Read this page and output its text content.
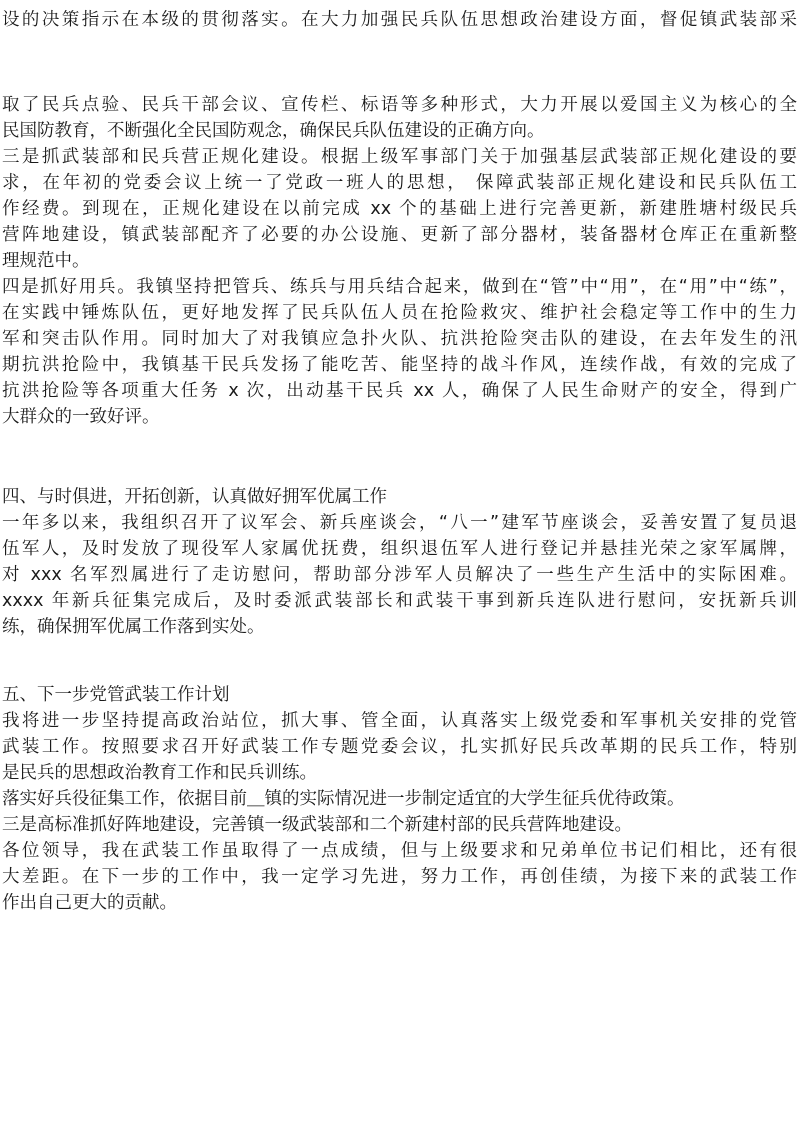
设的决策指示在本级的贯彻落实。在大力加强民兵队伍思想政治建设方面，督促镇武装部采
取了民兵点验、民兵干部会议、宣传栏、标语等多种形式，大力开展以爱国主义为核心的全
民国防教育，不断强化全民国防观念，确保民兵队伍建设的正确方向。
三是抓武装部和民兵营正规化建设。根据上级军事部门关于加强基层武装部正规化建设的要
求，在年初的党委会议上统一了党政一班人的思想， 保障武装部正规化建设和民兵队伍工
作经费。到现在，正规化建设在以前完成 xx 个的基础上进行完善更新，新建胜塘村级民兵
营阵地建设，镇武装部配齐了必要的办公设施、更新了部分器材，装备器材仓库正在重新整
理规范中。
四是抓好用兵。我镇坚持把管兵、练兵与用兵结合起来，做到在“管”中“用”，在“用”中“练”，
在实践中锤炼队伍，更好地发挥了民兵队伍人员在抢险救灾、维护社会稳定等工作中的生力
军和突击队作用。同时加大了对我镇应急扑火队、抗洪抢险突击队的建设，在去年发生的汛
期抗洪抢险中，我镇基干民兵发扬了能吃苦、能坚持的战斗作风，连续作战，有效的完成了
抗洪抢险等各项重大任务 x 次，出动基干民兵 xx 人，确保了人民生命财产的安全，得到广
大群众的一致好评。
四、与时俱进，开拓创新，认真做好拥军优属工作
一年多以来，我组织召开了议军会、新兵座谈会，“八一”建军节座谈会，妥善安置了复员退
伍军人，及时发放了现役军人家属优抚费，组织退伍军人进行登记并悬挂光荣之家军属牌，
对 xxx 名军烈属进行了走访慰问，帮助部分涉军人员解决了一些生产生活中的实际困难。
xxxx 年新兵征集完成后，及时委派武装部长和武装干事到新兵连队进行慰问，安抚新兵训
练，确保拥军优属工作落到实处。
五、下一步党管武装工作计划
我将进一步坚持提高政治站位，抓大事、管全面，认真落实上级党委和军事机关安排的党管
武装工作。按照要求召开好武装工作专题党委会议，扎实抓好民兵改革期的民兵工作，特别
是民兵的思想政治教育工作和民兵训练。
落实好兵役征集工作，依据目前＿镇的实际情况进一步制定适宜的大学生征兵优待政策。
三是高标准抓好阵地建设，完善镇一级武装部和二个新建村部的民兵营阵地建设。
各位领导，我在武装工作虽取得了一点成绩，但与上级要求和兄弟单位书记们相比，还有很
大差距。在下一步的工作中，我一定学习先进，努力工作，再创佳绩，为接下来的武装工作
作出自己更大的贡献。
